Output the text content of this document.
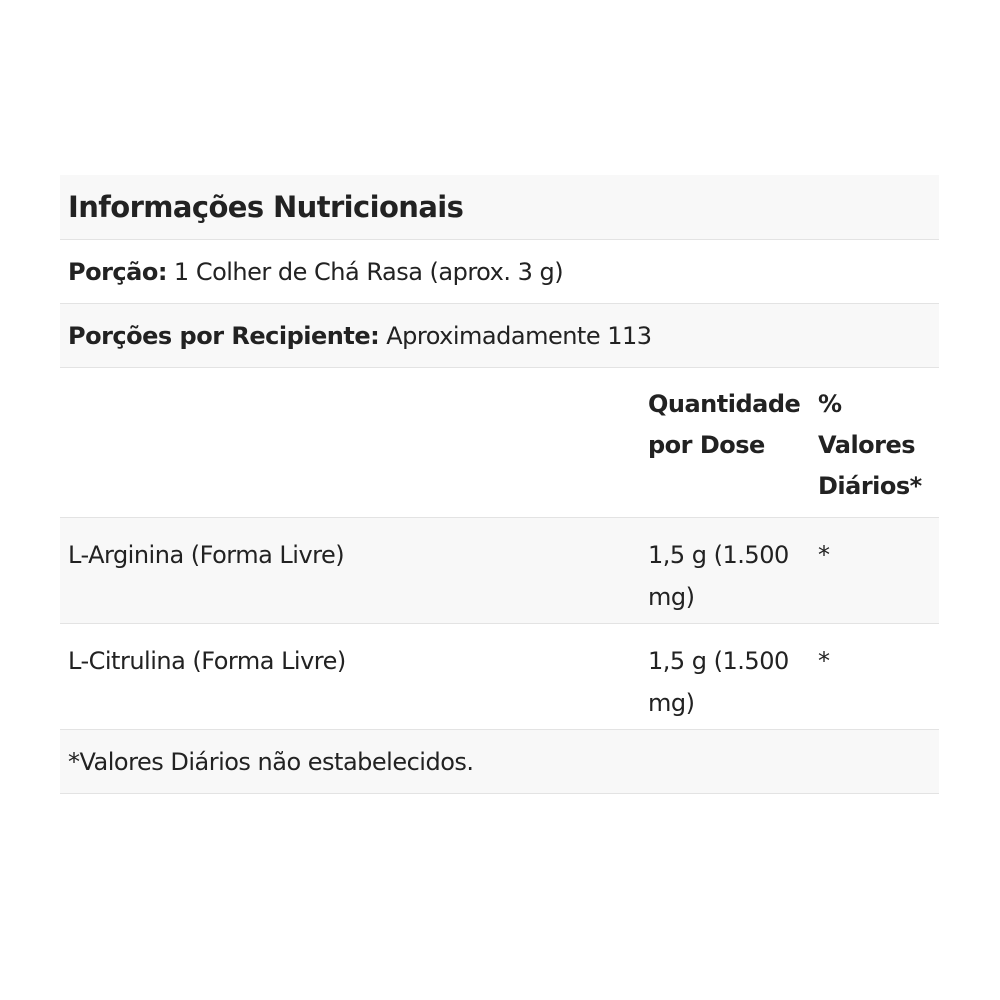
Informações Nutricionais
Porção: 1 Colher de Chá Rasa (aprox. 3 g)
Porções por Recipiente: Aproximadamente 113
Quantidade
por Dose
%
Valores
Diários*
L-Arginina (Forma Livre)	1,5 g (1.500
mg)
*
L-Citrulina (Forma Livre)	1,5 g (1.500
mg)
*
*Valores Diários não estabelecidos.
